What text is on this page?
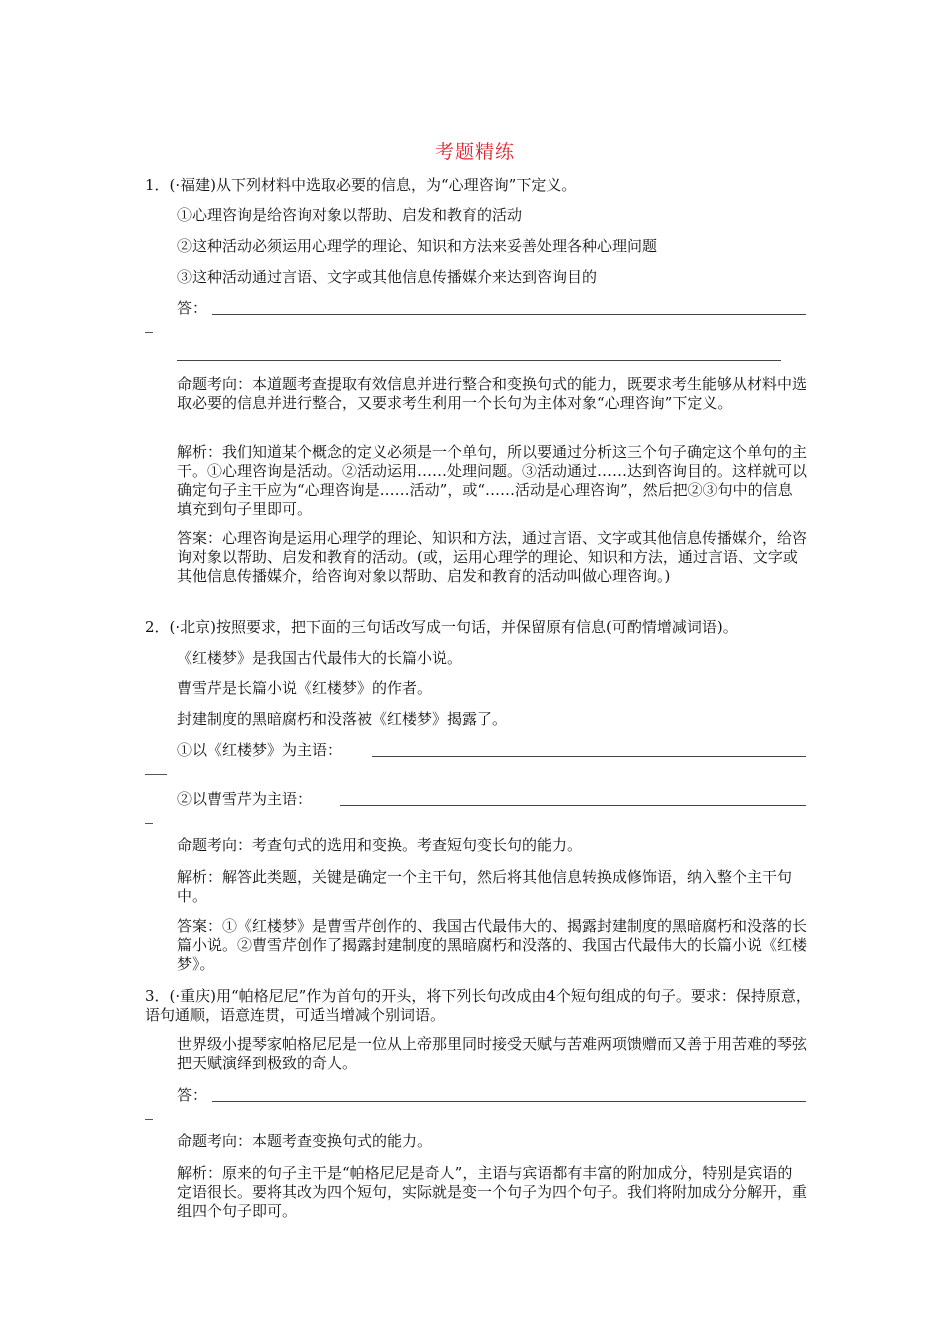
考题精练
1．(·福建)从下列材料中选取必要的信息，为“心理咨询”下定义。
①心理咨询是给咨询对象以帮助、启发和教育的活动
②这种活动必须运用心理学的理论、知识和方法来妥善处理各种心理问题
③这种活动通过言语、文字或其他信息传播媒介来达到咨询目的
答：
命题考向：本道题考查提取有效信息并进行整合和变换句式的能力，既要求考生能够从材料中选取必要的信息并进行整合，又要求考生利用一个长句为主体对象“心理咨询”下定义。
解析：我们知道某个概念的定义必须是一个单句，所以要通过分析这三个句子确定这个单句的主干。①心理咨询是活动。②活动运用……处理问题。③活动通过……达到咨询目的。这样就可以确定句子主干应为“心理咨询是……活动”，或“……活动是心理咨询”，然后把②③句中的信息填充到句子里即可。
答案：心理咨询是运用心理学的理论、知识和方法，通过言语、文字或其他信息传播媒介，给咨询对象以帮助、启发和教育的活动。(或，运用心理学的理论、知识和方法，通过言语、文字或其他信息传播媒介，给咨询对象以帮助、启发和教育的活动叫做心理咨询。)
2．(·北京)按照要求，把下面的三句话改写成一句话，并保留原有信息(可酌情增减词语)。
《红楼梦》是我国古代最伟大的长篇小说。
曹雪芹是长篇小说《红楼梦》的作者。
封建制度的黑暗腐朽和没落被《红楼梦》揭露了。
①以《红楼梦》为主语：
②以曹雪芹为主语：
命题考向：考查句式的选用和变换。考查短句变长句的能力。
解析：解答此类题，关键是确定一个主干句，然后将其他信息转换成修饰语，纳入整个主干句中。
答案：①《红楼梦》是曹雪芹创作的、我国古代最伟大的、揭露封建制度的黑暗腐朽和没落的长篇小说。②曹雪芹创作了揭露封建制度的黑暗腐朽和没落的、我国古代最伟大的长篇小说《红楼梦》。
3．(·重庆)用“帕格尼尼”作为首句的开头，将下列长句改成由4个短句组成的句子。要求：保持原意，语句通顺，语意连贯，可适当增减个别词语。
世界级小提琴家帕格尼尼是一位从上帝那里同时接受天赋与苦难两项馈赠而又善于用苦难的琴弦把天赋演绎到极致的奇人。
答：
命题考向：本题考查变换句式的能力。
解析：原来的句子主干是“帕格尼尼是奇人”，主语与宾语都有丰富的附加成分，特别是宾语的定语很长。要将其改为四个短句，实际就是变一个句子为四个句子。我们将附加成分分解开，重组四个句子即可。
